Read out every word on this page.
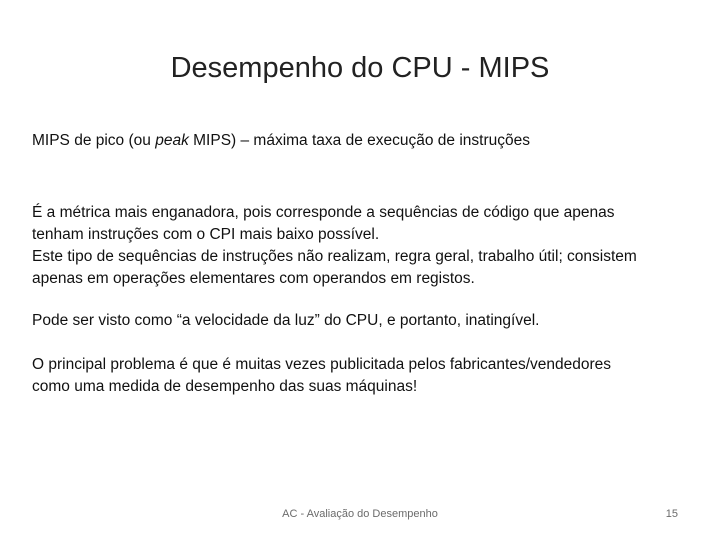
Desempenho do CPU - MIPS
MIPS de pico (ou peak MIPS) – máxima taxa de execução de instruções
É a métrica mais enganadora, pois corresponde a sequências de código que apenas
tenham instruções com o CPI mais baixo possível.
Este tipo de sequências de instruções não realizam, regra geral, trabalho útil; consistem
apenas em operações elementares com operandos em registos.
Pode ser visto como “a velocidade da luz” do CPU, e portanto, inatingível.
O principal problema é que é muitas vezes publicitada pelos fabricantes/vendedores
como uma medida de desempenho das suas máquinas!
AC - Avaliação do Desempenho	15
